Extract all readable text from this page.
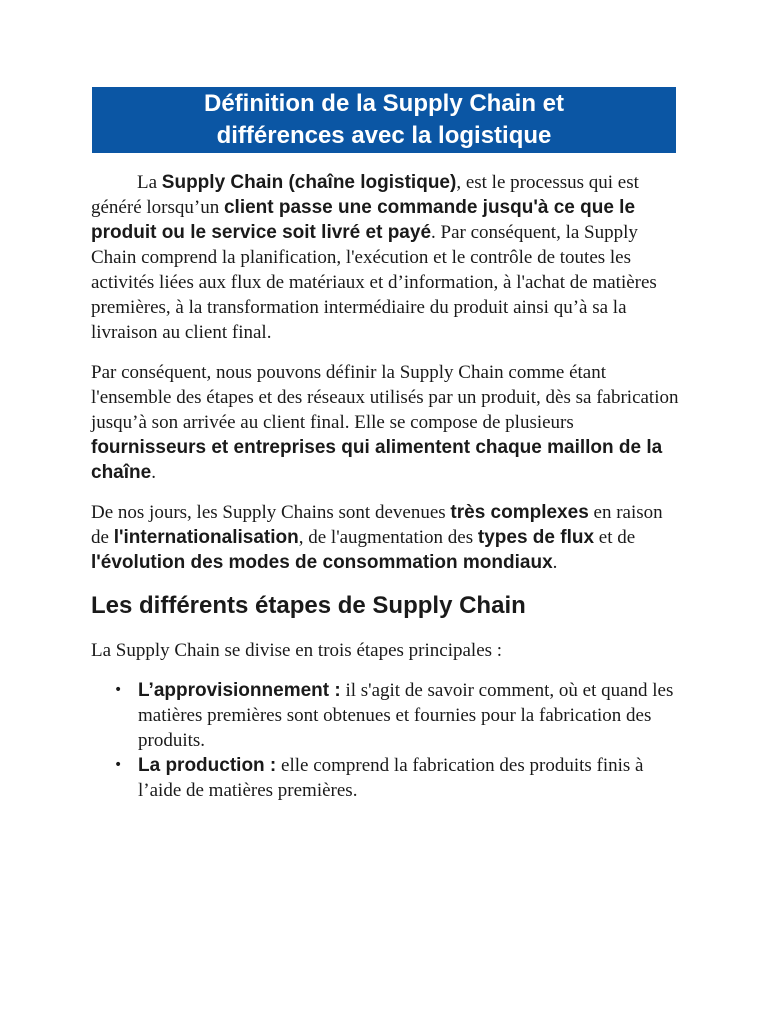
Définition de la Supply Chain et
différences avec la logistique

La Supply Chain (chaîne logistique), est le processus qui est généré lorsqu’un client passe une commande jusqu'à ce que le produit ou le service soit livré et payé. Par conséquent, la Supply Chain comprend la planification, l'exécution et le contrôle de toutes les activités liées aux flux de matériaux et d’information, à l'achat de matières premières, à la transformation intermédiaire du produit ainsi qu’à sa la livraison au client final.

Par conséquent, nous pouvons définir la Supply Chain comme étant l'ensemble des étapes et des réseaux utilisés par un produit, dès sa fabrication jusqu’à son arrivée au client final. Elle se compose de plusieurs fournisseurs et entreprises qui alimentent chaque maillon de la chaîne.

De nos jours, les Supply Chains sont devenues très complexes en raison de l'internationalisation, de l'augmentation des types de flux et de l'évolution des modes de consommation mondiaux.

Les différents étapes de Supply Chain

La Supply Chain se divise en trois étapes principales :

• L’approvisionnement : il s'agit de savoir comment, où et quand les matières premières sont obtenues et fournies pour la fabrication des produits.
• La production : elle comprend la fabrication des produits finis à l’aide de matières premières.
